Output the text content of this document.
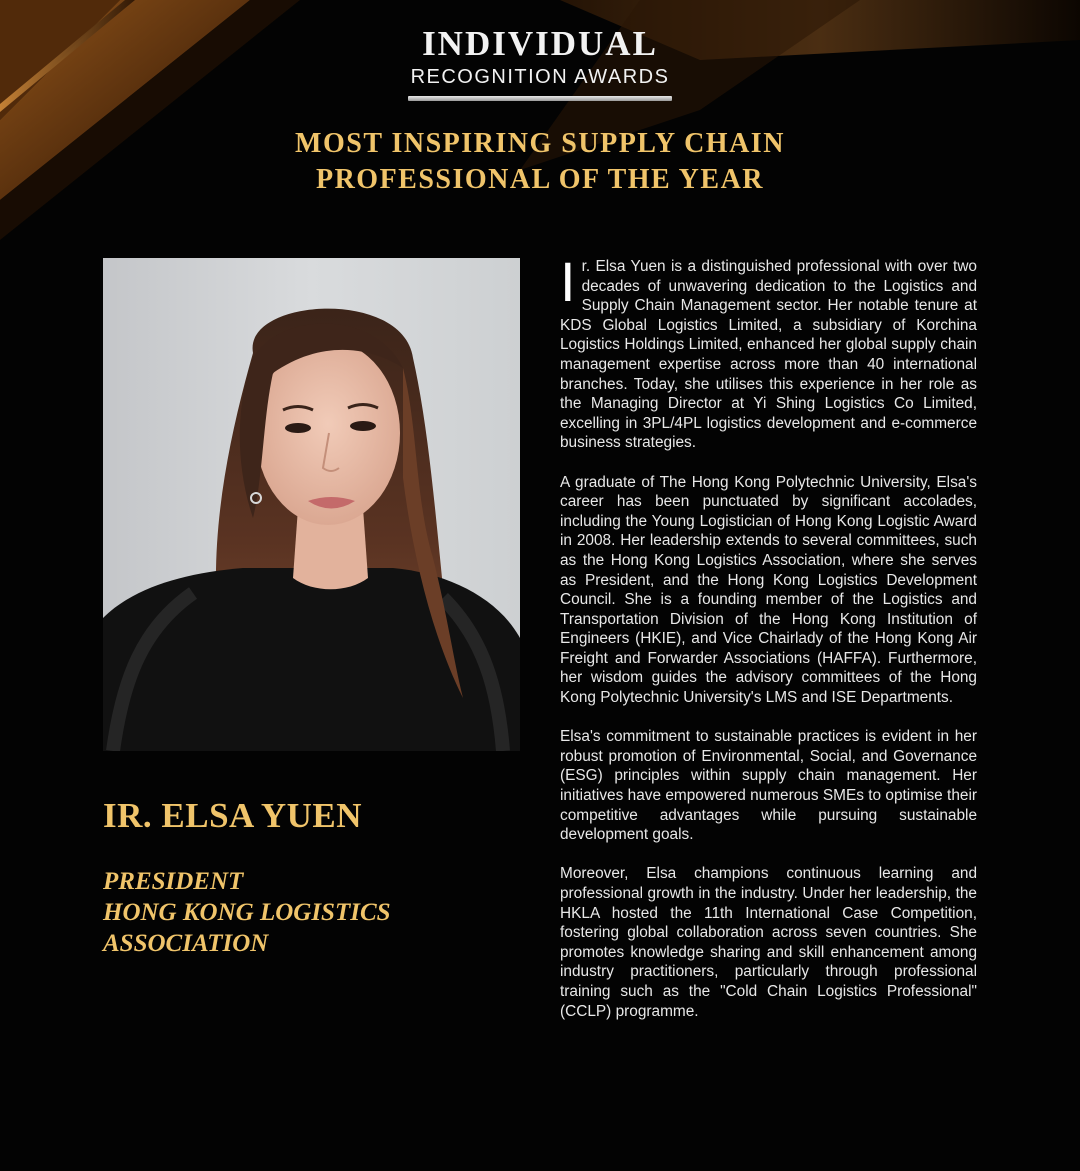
INDIVIDUAL
RECOGNITION AWARDS
MOST INSPIRING SUPPLY CHAIN
PROFESSIONAL OF THE YEAR
IR. ELSA YUEN
PRESIDENT
HONG KONG LOGISTICS
ASSOCIATION

Ir. Elsa Yuen is a distinguished professional with over two decades of unwavering dedication to the Logistics and Supply Chain Management sector. Her notable tenure at KDS Global Logistics Limited, a subsidiary of Korchina Logistics Holdings Limited, enhanced her global supply chain management expertise across more than 40 international branches. Today, she utilises this experience in her role as the Managing Director at Yi Shing Logistics Co Limited, excelling in 3PL/4PL logistics development and e-commerce business strategies.

A graduate of The Hong Kong Polytechnic University, Elsa's career has been punctuated by significant accolades, including the Young Logistician of Hong Kong Logistic Award in 2008. Her leadership extends to several committees, such as the Hong Kong Logistics Association, where she serves as President, and the Hong Kong Logistics Development Council. She is a founding member of the Logistics and Transportation Division of the Hong Kong Institution of Engineers (HKIE), and Vice Chairlady of the Hong Kong Air Freight and Forwarder Associations (HAFFA). Furthermore, her wisdom guides the advisory committees of the Hong Kong Polytechnic University's LMS and ISE Departments.

Elsa's commitment to sustainable practices is evident in her robust promotion of Environmental, Social, and Governance (ESG) principles within supply chain management. Her initiatives have empowered numerous SMEs to optimise their competitive advantages while pursuing sustainable development goals.

Moreover, Elsa champions continuous learning and professional growth in the industry. Under her leadership, the HKLA hosted the 11th International Case Competition, fostering global collaboration across seven countries. She promotes knowledge sharing and skill enhancement among industry practitioners, particularly through professional training such as the "Cold Chain Logistics Professional" (CCLP) programme.
